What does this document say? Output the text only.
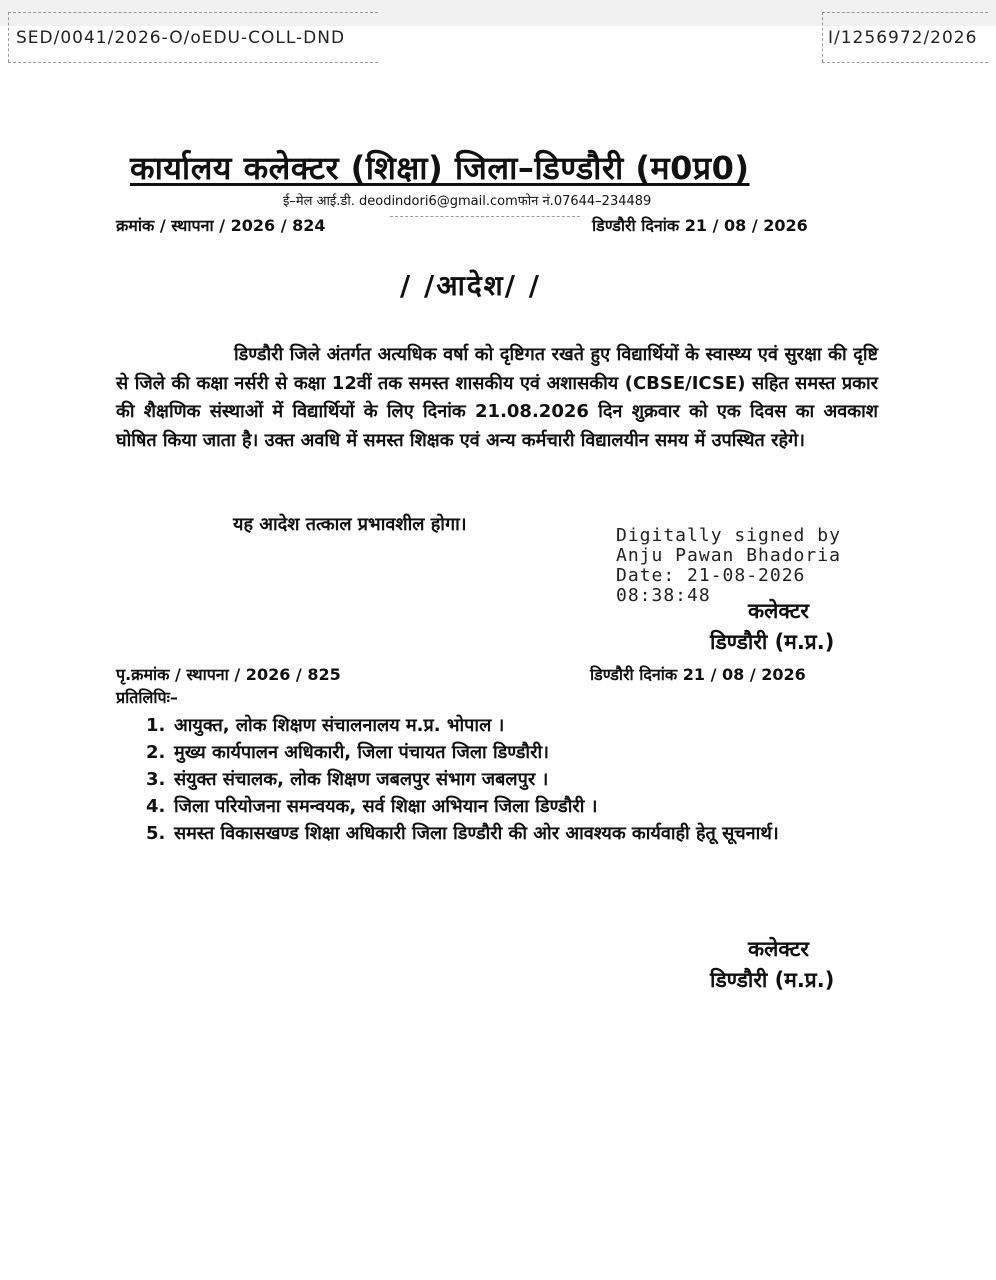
SED/0041/2026-O/oEDU-COLL-DND	I/1256972/2026
कार्यालय कलेक्टर (शिक्षा) जिला–डिण्डौरी (म0प्र0)
ई–मेल आई.डी. deodindori6@gmail.comफोन नं.07644–234489
क्रमांक / स्थापना / 2026 / 824	डिण्डौरी दिनांक 21 / 08 / 2026
/ /आदेश/ /
डिण्डौरी जिले अंतर्गत अत्यधिक वर्षा को दृष्टिगत रखते हुए विद्यार्थियों के स्वास्थ्य एवं सुरक्षा की दृष्टि से जिले की कक्षा नर्सरी से कक्षा 12वीं तक समस्त शासकीय एवं अशासकीय (CBSE/ICSE) सहित समस्त प्रकार की शैक्षणिक संस्थाओं में विद्यार्थियों के लिए दिनांक 21.08.2026 दिन शुक्रवार को एक दिवस का अवकाश घोषित किया जाता है। उक्त अवधि में समस्त शिक्षक एवं अन्य कर्मचारी विद्यालयीन समय में उपस्थित रहेगे।
यह आदेश तत्काल प्रभावशील होगा।
Digitally signed by
Anju Pawan Bhadoria
Date: 21-08-2026
08:38:48
कलेक्टर
डिण्डौरी (म.प्र.)
पृ.क्रमांक / स्थापना / 2026 / 825	डिण्डौरी दिनांक 21 / 08 / 2026
प्रतिलिपिः–
1. आयुक्त, लोक शिक्षण संचालनालय म.प्र. भोपाल ।
2. मुख्य कार्यपालन अधिकारी, जिला पंचायत जिला डिण्डौरी।
3. संयुक्त संचालक, लोक शिक्षण जबलपुर संभाग जबलपुर ।
4. जिला परियोजना समन्वयक, सर्व शिक्षा अभियान जिला डिण्डौरी ।
5. समस्त विकासखण्ड शिक्षा अधिकारी जिला डिण्डौरी की ओर आवश्यक कार्यवाही हेतू सूचनार्थ।
कलेक्टर
डिण्डौरी (म.प्र.)
